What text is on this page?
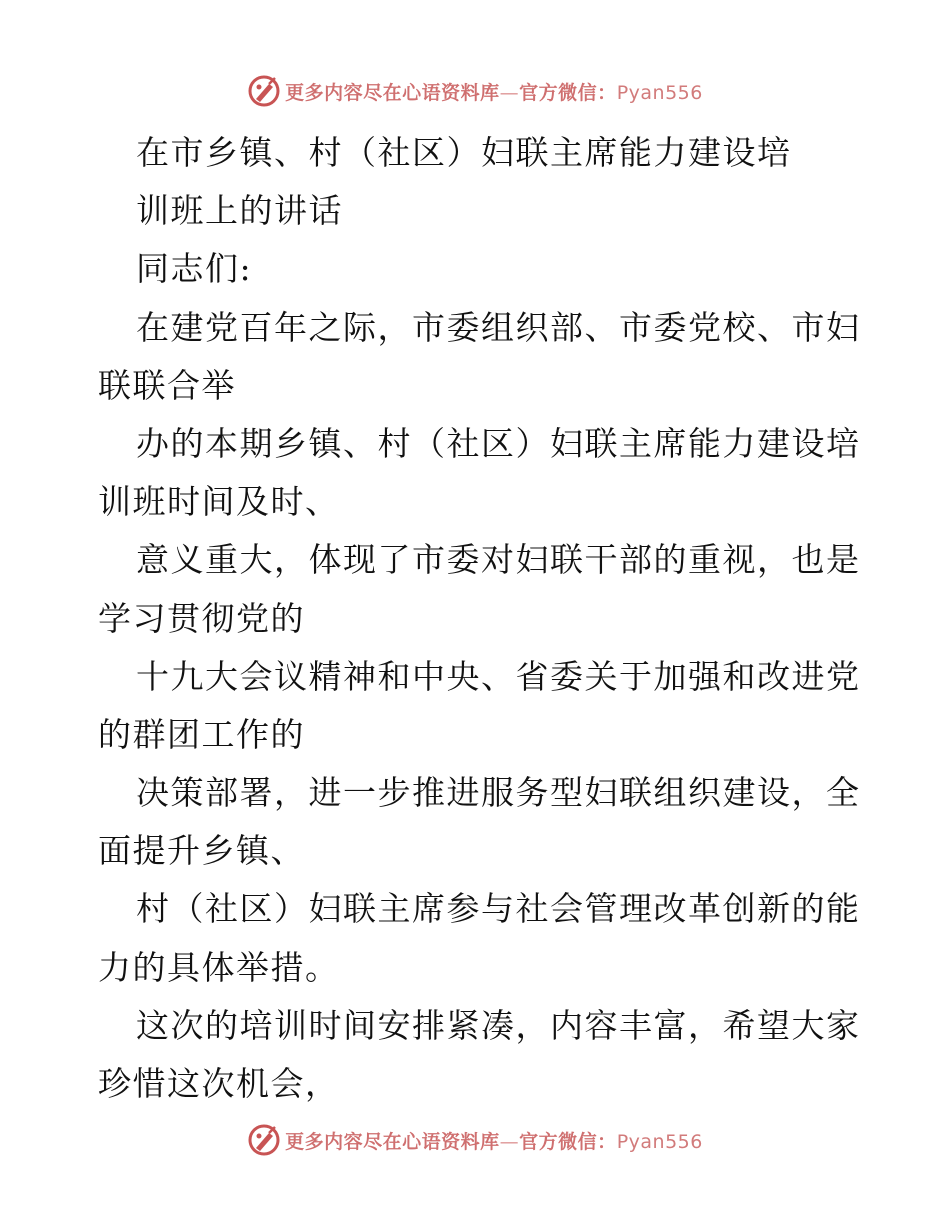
更多内容尽在心语资料库—官方微信：Pyan556
在市乡镇、村（社区）妇联主席能力建设培
训班上的讲话
同志们:
在建党百年之际，市委组织部、市委党校、市妇
联联合举
办的本期乡镇、村（社区）妇联主席能力建设培
训班时间及时、
意义重大，体现了市委对妇联干部的重视，也是
学习贯彻党的
十九大会议精神和中央、省委关于加强和改进党
的群团工作的
决策部署，进一步推进服务型妇联组织建设，全
面提升乡镇、
村（社区）妇联主席参与社会管理改革创新的能
力的具体举措。
这次的培训时间安排紧凑，内容丰富，希望大家
珍惜这次机会，
更多内容尽在心语资料库—官方微信：Pyan556
